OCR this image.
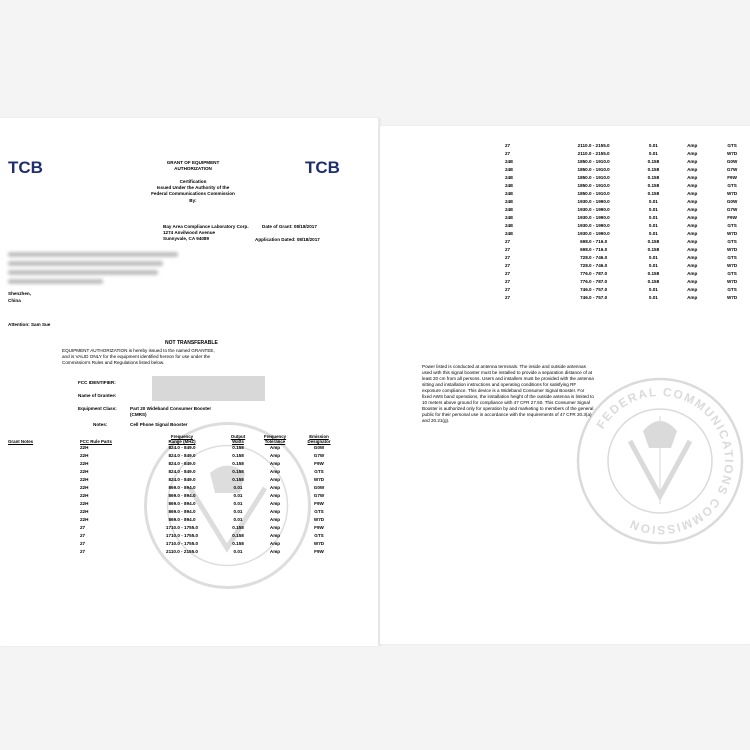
TCB	TCB
GRANT OF EQUIPMENT
AUTHORIZATION

Certification
Issued Under the Authority of the
Federal Communications Commission
By:
Bay Area Compliance Laboratory Corp.
1274 Anvilwood Avenue
Sunnyvale, CA 94089
Date of Grant: 08/18/2017
Application Dated: 08/18/2017
Shenzhen,
China
Attention: Sam Sue
NOT TRANSFERABLE
EQUIPMENT AUTHORIZATION is hereby issued to the named GRANTEE,
and is VALID ONLY for the equipment identified hereon for use under the
Commission's Rules and Regulations listed below.
FCC IDENTIFIER:
Name of Grantee:
Equipment Class:	Part 20 Wideband Consumer Booster
(CMRS)
Notes:	Cell Phone Signal Booster
Grant Notes	FCC Rule Parts	Frequency
Range (MHZ)	Output
Watts	Frequency
Tolerance	Emission
Designator
	22H	824.0 - 849.0	0.158	Amp	G0W
	22H	824.0 - 849.0	0.158	Amp	G7W
	22H	824.0 - 849.0	0.158	Amp	F9W
	22H	824.0 - 849.0	0.158	Amp	GTS
	22H	824.0 - 849.0	0.158	Amp	W7D
	22H	869.0 - 894.0	0.01	Amp	G0W
	22H	869.0 - 894.0	0.01	Amp	G7W
	22H	869.0 - 894.0	0.01	Amp	F9W
	22H	869.0 - 894.0	0.01	Amp	GTS
	22H	869.0 - 894.0	0.01	Amp	W7D
	27	1710.0 - 1755.0	0.158	Amp	F9W
	27	1710.0 - 1755.0	0.158	Amp	GTS
	27	1710.0 - 1755.0	0.158	Amp	W7D
	27	2110.0 - 2155.0	0.01	Amp	F9W
27	2110.0 - 2155.0	0.01	Amp	GTS
27	2110.0 - 2155.0	0.01	Amp	W7D
24E	1850.0 - 1910.0	0.158	Amp	G0W
24E	1850.0 - 1910.0	0.158	Amp	G7W
24E	1850.0 - 1910.0	0.158	Amp	F9W
24E	1850.0 - 1910.0	0.158	Amp	GTS
24E	1850.0 - 1910.0	0.158	Amp	W7D
24E	1930.0 - 1990.0	0.01	Amp	G0W
24E	1930.0 - 1990.0	0.01	Amp	G7W
24E	1930.0 - 1990.0	0.01	Amp	F9W
24E	1930.0 - 1990.0	0.01	Amp	GTS
24E	1930.0 - 1990.0	0.01	Amp	W7D
27	698.0 - 716.0	0.158	Amp	GTS
27	698.0 - 716.0	0.158	Amp	W7D
27	728.0 - 746.0	0.01	Amp	GTS
27	728.0 - 746.0	0.01	Amp	W7D
27	776.0 - 787.0	0.158	Amp	GTS
27	776.0 - 787.0	0.158	Amp	W7D
27	746.0 - 757.0	0.01	Amp	GTS
27	746.0 - 757.0	0.01	Amp	W7D
Power listed is conducted at antenna terminals. The inside and outside antennas
used with this signal booster must be installed to provide a separation distance of at
least 20 cm from all persons. Users and installers must be provided with the antenna
sitting and installation instructions and operating conditions for satisfying RF
exposure compliance. This device is a Wideband Consumer Signal Booster. For
fixed AWS band operations, the installation height of the outside antenna is limited to
10 meters above ground for compliance with 47 CFR 27.50. This Consumer Signal
Booster is authorized only for operation by and marketing to members of the general
public for their personal use in accordance with the requirements of 47 CFR 20.3(a)
and 20.21(g).	FEDERAL COMMUNICATIONS COMMISSION
